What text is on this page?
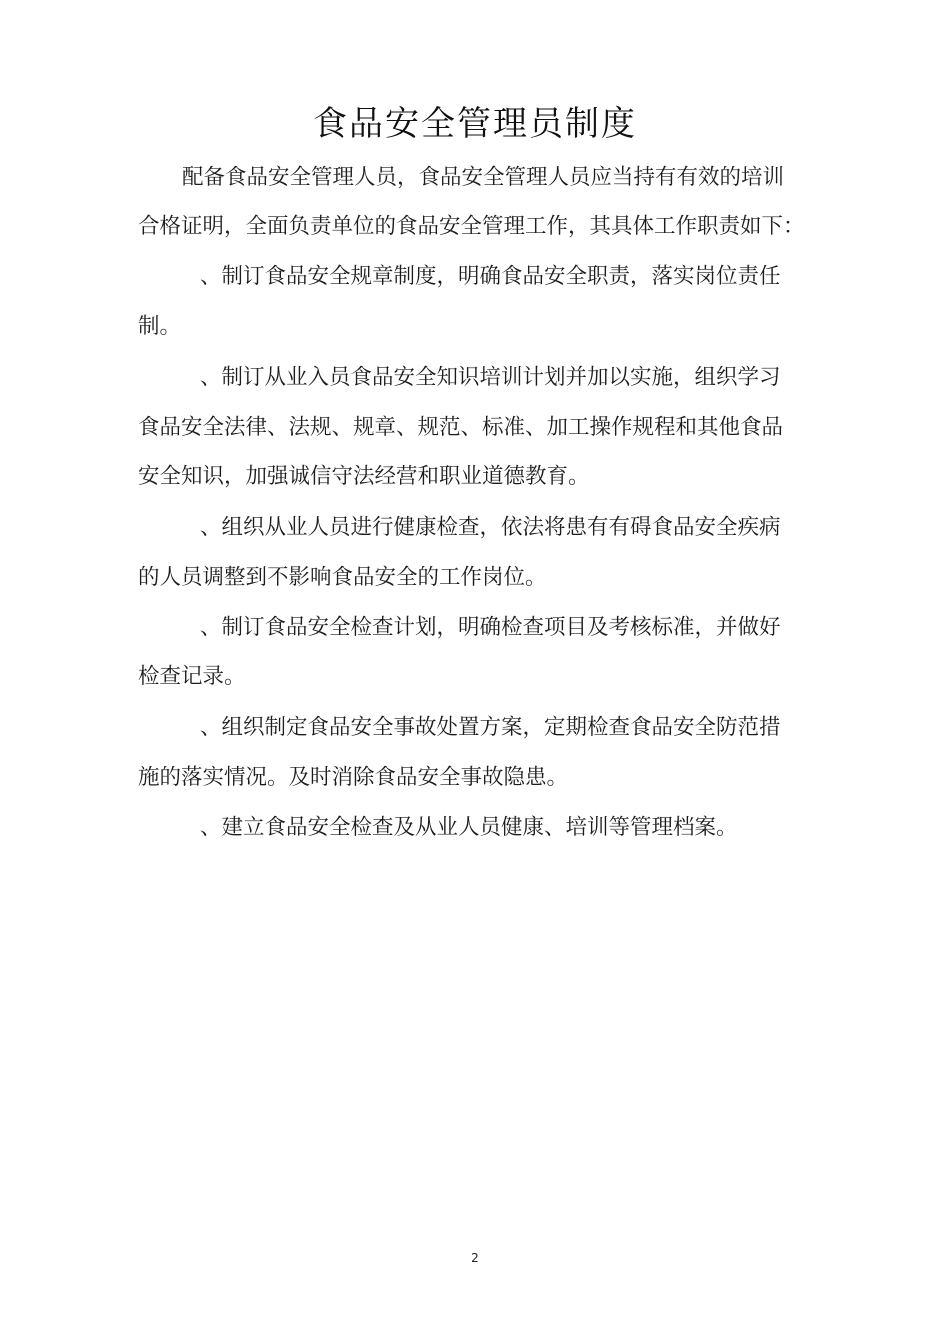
食品安全管理员制度
配备食品安全管理人员，食品安全管理人员应当持有有效的培训
合格证明，全面负责单位的食品安全管理工作，其具体工作职责如下：
、制订食品安全规章制度，明确食品安全职责，落实岗位责任
制。
、制订从业入员食品安全知识培训计划并加以实施，组织学习
食品安全法律、法规、规章、规范、标准、加工操作规程和其他食品
安全知识，加强诚信守法经营和职业道德教育。
、组织从业人员进行健康检查，依法将患有有碍食品安全疾病
的人员调整到不影响食品安全的工作岗位。
、制订食品安全检查计划，明确检查项目及考核标准，并做好
检查记录。
、组织制定食品安全事故处置方案，定期检查食品安全防范措
施的落实情况。及时消除食品安全事故隐患。
、建立食品安全检查及从业人员健康、培训等管理档案。
2
